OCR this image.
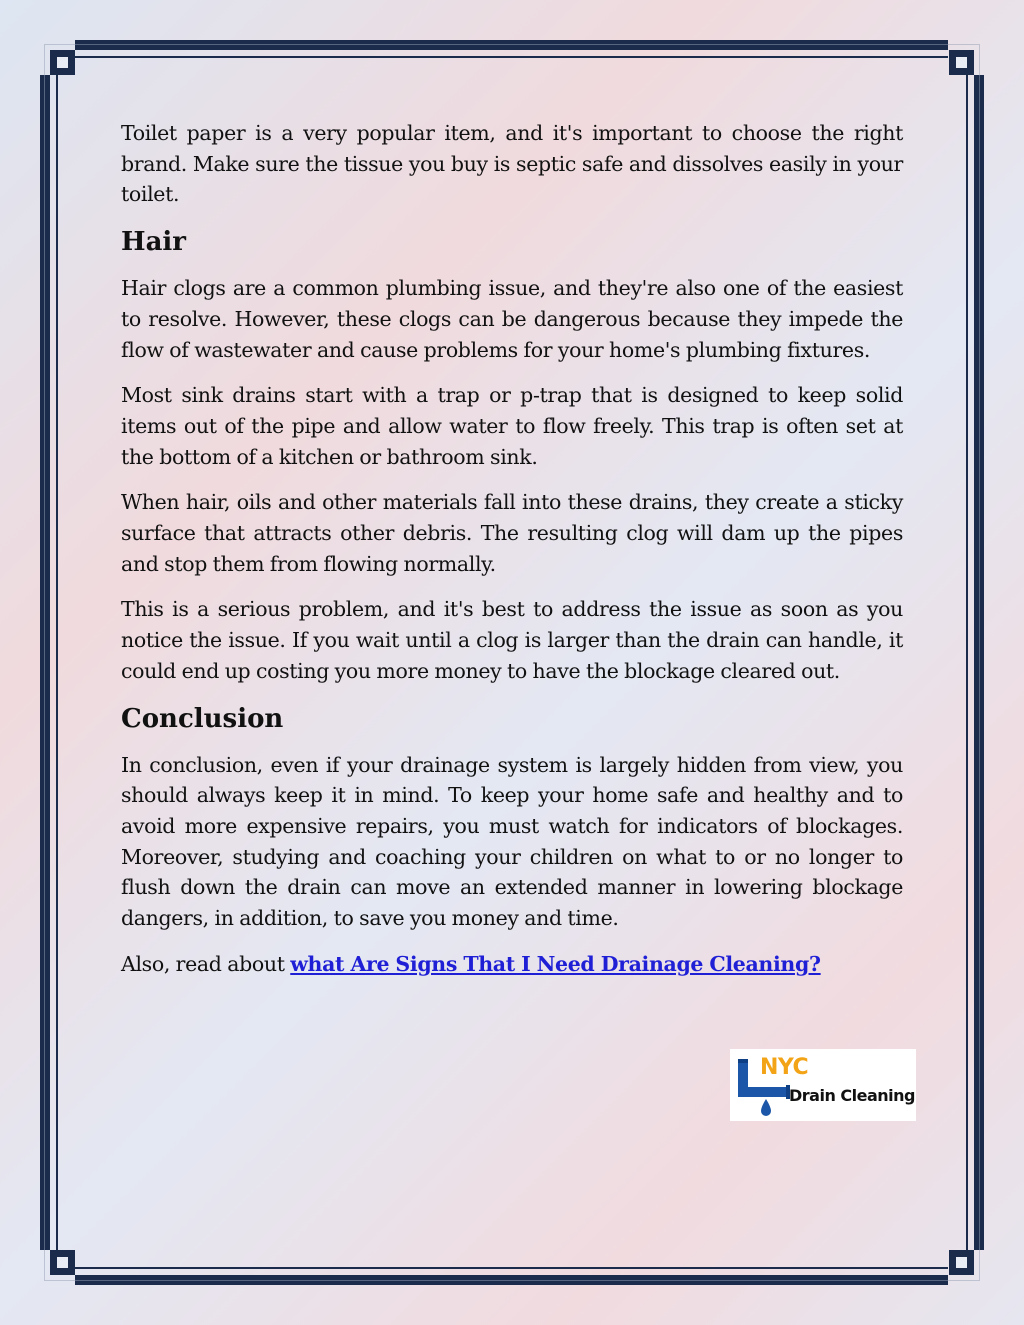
Toilet paper is a very popular item, and it's important to choose the right brand. Make sure the tissue you buy is septic safe and dissolves easily in your toilet.

Hair

Hair clogs are a common plumbing issue, and they're also one of the easiest to resolve. However, these clogs can be dangerous because they impede the flow of wastewater and cause problems for your home's plumbing fixtures.

Most sink drains start with a trap or p-trap that is designed to keep solid items out of the pipe and allow water to flow freely. This trap is often set at the bottom of a kitchen or bathroom sink.

When hair, oils and other materials fall into these drains, they create a sticky surface that attracts other debris. The resulting clog will dam up the pipes and stop them from flowing normally.

This is a serious problem, and it's best to address the issue as soon as you notice the issue. If you wait until a clog is larger than the drain can handle, it could end up costing you more money to have the blockage cleared out.

Conclusion

In conclusion, even if your drainage system is largely hidden from view, you should always keep it in mind. To keep your home safe and healthy and to avoid more expensive repairs, you must watch for indicators of blockages. Moreover, studying and coaching your children on what to or no longer to flush down the drain can move an extended manner in lowering blockage dangers, in addition, to save you money and time.

Also, read about what Are Signs That I Need Drainage Cleaning?

NYC
Drain Cleaning
